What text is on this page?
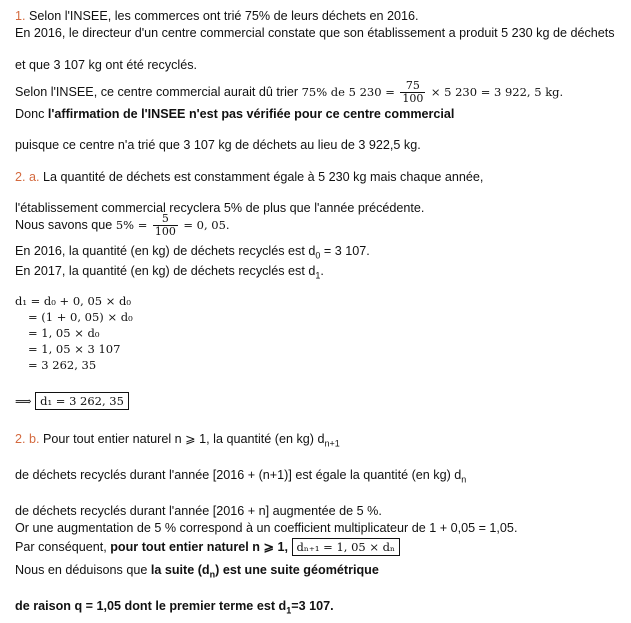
1. Selon l'INSEE, les commerces ont trié 75% de leurs déchets en 2016.
En 2016, le directeur d'un centre commercial constate que son établissement a produit 5 230 kg de déchets
et que 3 107 kg ont été recyclés.
Selon l'INSEE, ce centre commercial aurait dû trier 75% de 5 $230 = \frac{75}{100} \times 5$ 230 = 3 922, 5 kg.
Donc l'affirmation de l'INSEE n'est pas vérifiée pour ce centre commercial
puisque ce centre n'a trié que 3 107 kg de déchets au lieu de 3 922,5 kg.
2. a. La quantité de déchets est constamment égale à 5 230 kg mais chaque année,
l'établissement commercial recyclera 5% de plus que l'année précédente.
Nous savons que $5\% = \frac{5}{100} = 0$, 05.
En 2016, la quantité (en kg) de déchets recyclés est $d_0 = 3$ 107.
En 2017, la quantité (en kg) de déchets recyclés est $d_1$.
d₁ = d₀ + 0, 05 × d₀
= (1 + 0, 05) × d₀
= 1, 05 × d₀
= 1, 05 × 3 107
= 3 262, 35
⟹ d₁ = 3 262, 35
2. b. Pour tout entier naturel n ⩾ 1, la quantité (en kg) $d_{n+1}$
de déchets recyclés durant l'année [2016 + (n+1)] est égale la quantité (en kg) $d_n$
de déchets recyclés durant l'année [2016 + n] augmentée de 5 %.
Or une augmentation de 5 % correspond à un coefficient multiplicateur de 1 + 0,05 = 1,05.
Par conséquent, pour tout entier naturel n ⩾ 1, dₙ₊₁ = 1, 05 × dₙ
Nous en déduisons que la suite $(d_n)$ est une suite géométrique
de raison q = 1,05 dont le premier terme est $d_1=3$ 107.
